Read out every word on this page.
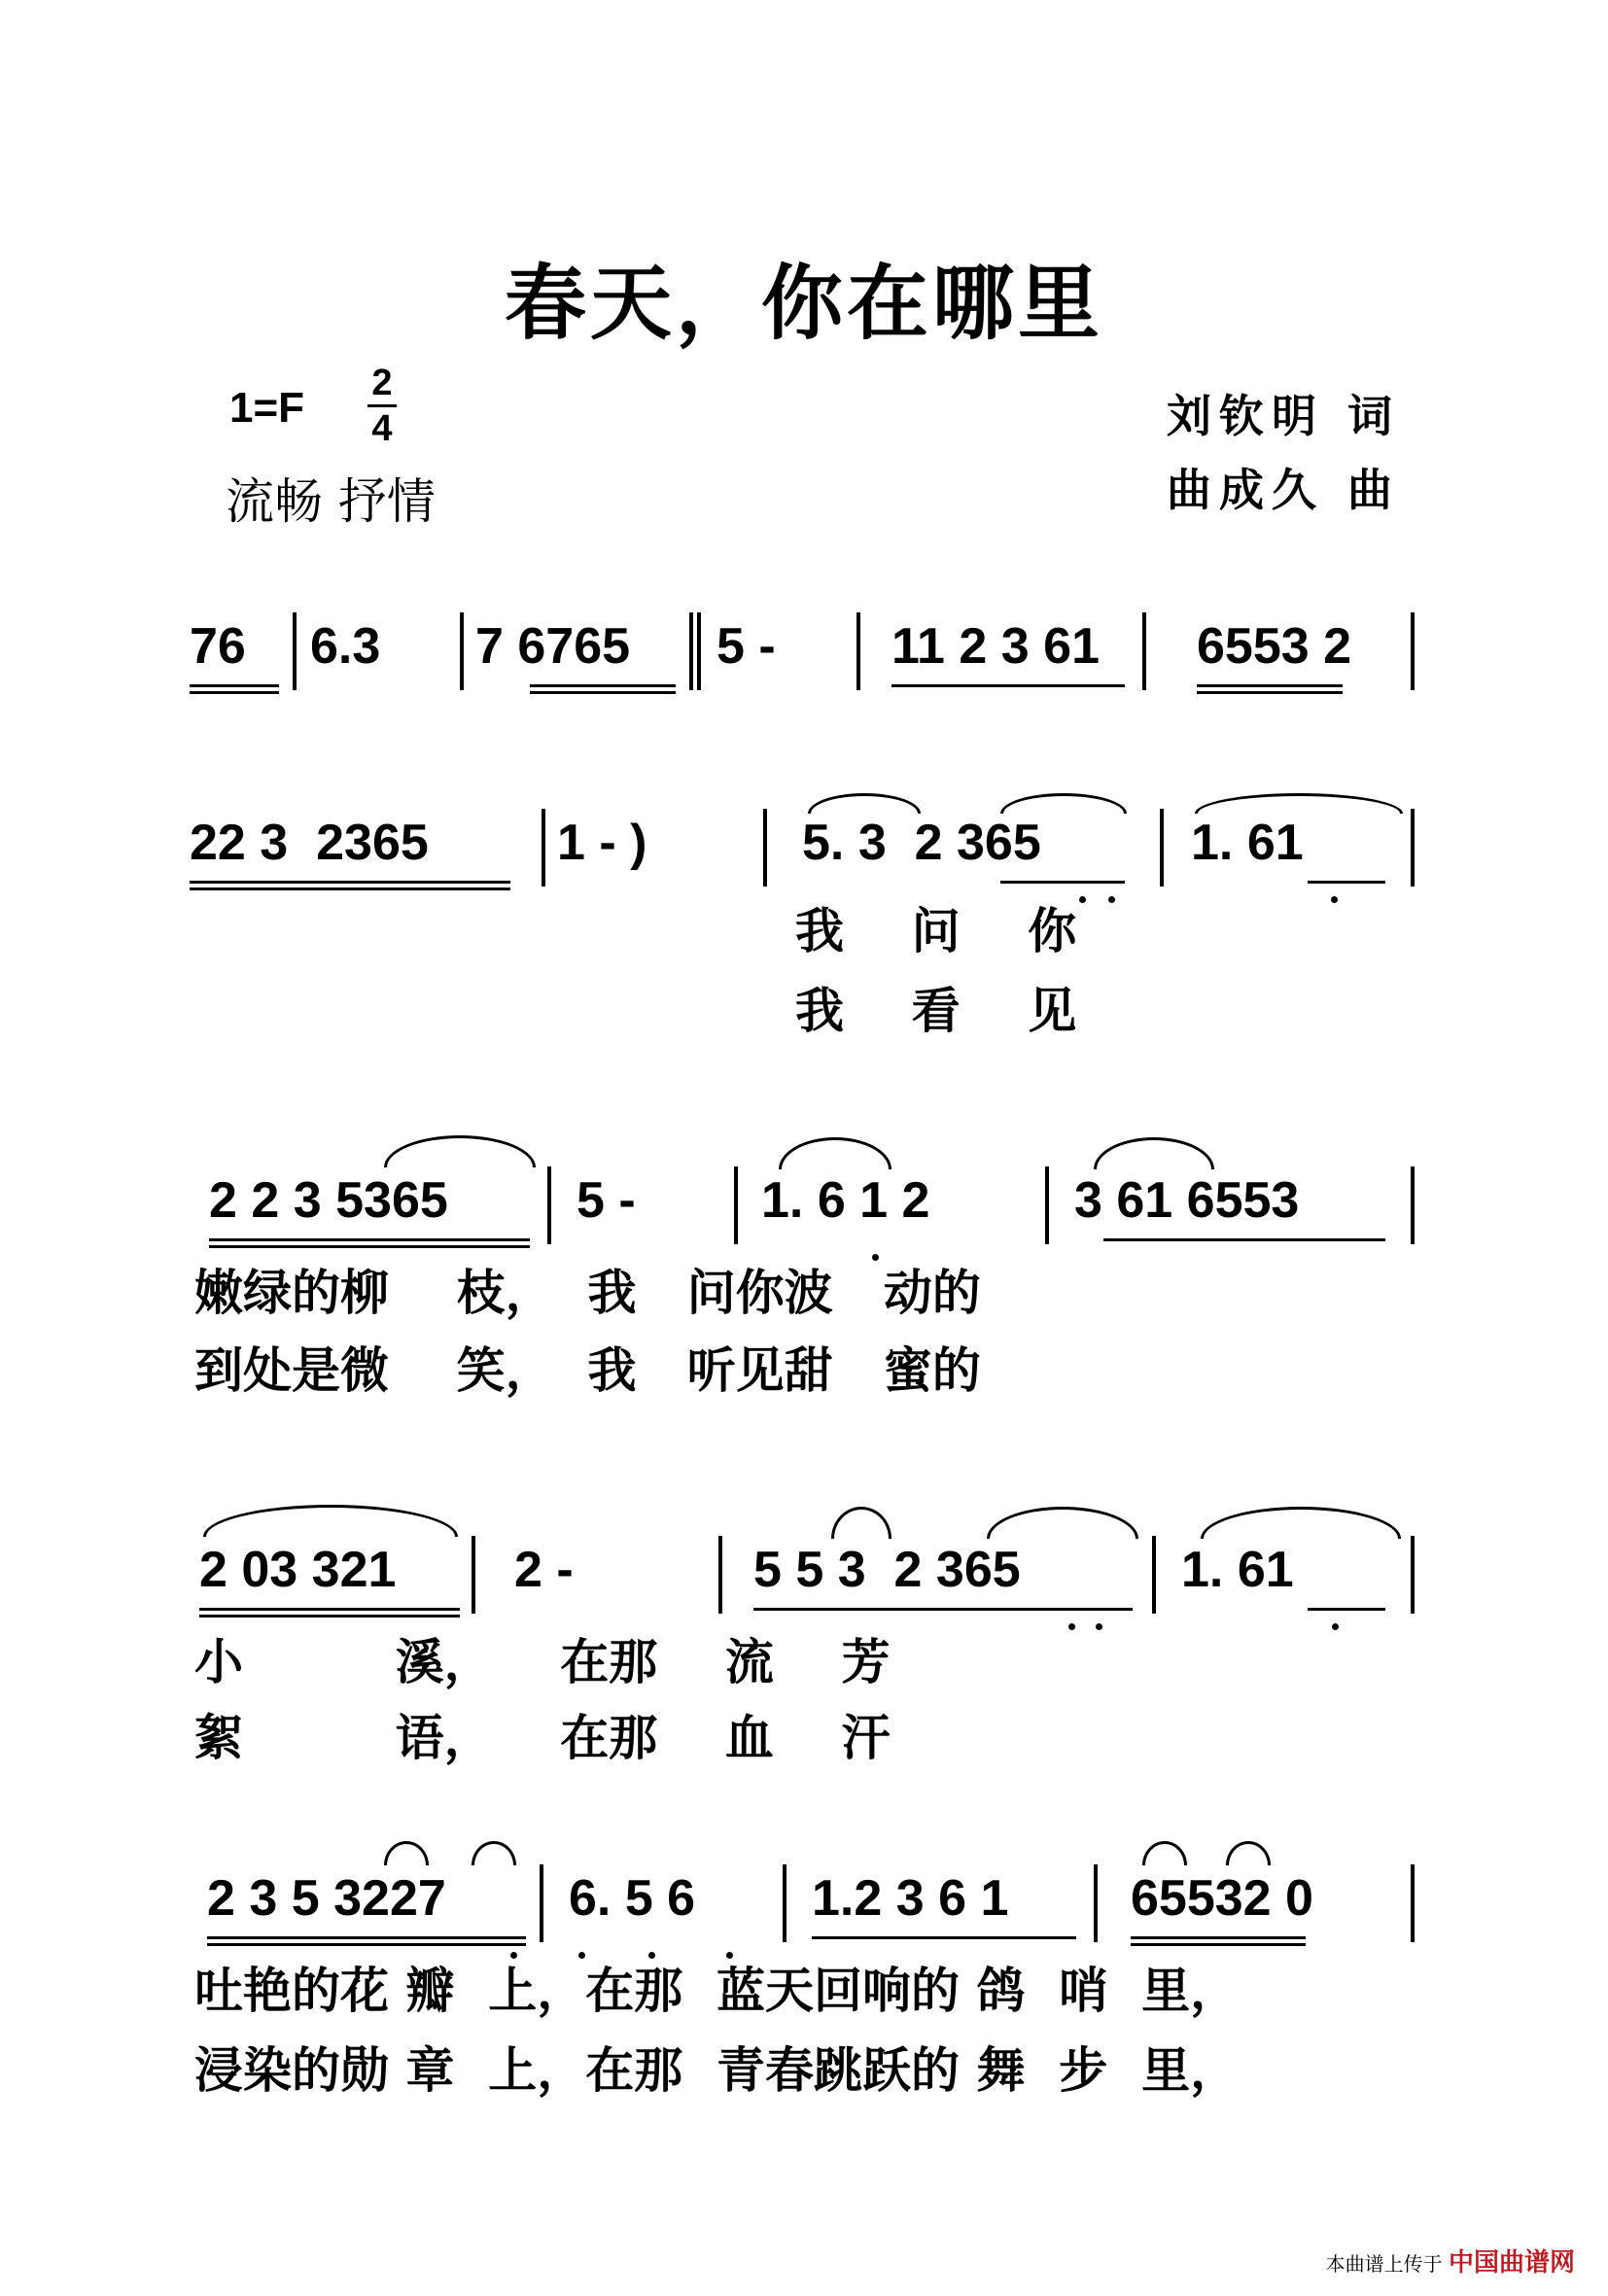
春天，你在哪里
1=F
2
4
流畅 抒情
刘钦明 词
曲成久 曲
76 6.3 7 6765 5 - 11 2 3 61 6553 2
22 3  2365	1 - )	5. 3  2 365	1. 61
我    问    你
我    看    见
2 2 3 5365	5 - 1. 6 1 2	3 61 6553
嫩绿的柳    枝，  我   问你波   动的
到处是微    笑，  我   听见甜   蜜的
2 03 321 2 -	5 5 3  2 365	1. 61
小         溪，    在那    流    芳
絮         语，    在那    血    汗
2 3 5 3227 6. 5 6 1.2 3 6 1 65532 0
吐艳的花 瓣  上，在那  蓝天回响的 鸽  哨  里，
浸染的勋 章  上，在那  青春跳跃的 舞  步  里，
本曲谱上传于 中国曲谱网
